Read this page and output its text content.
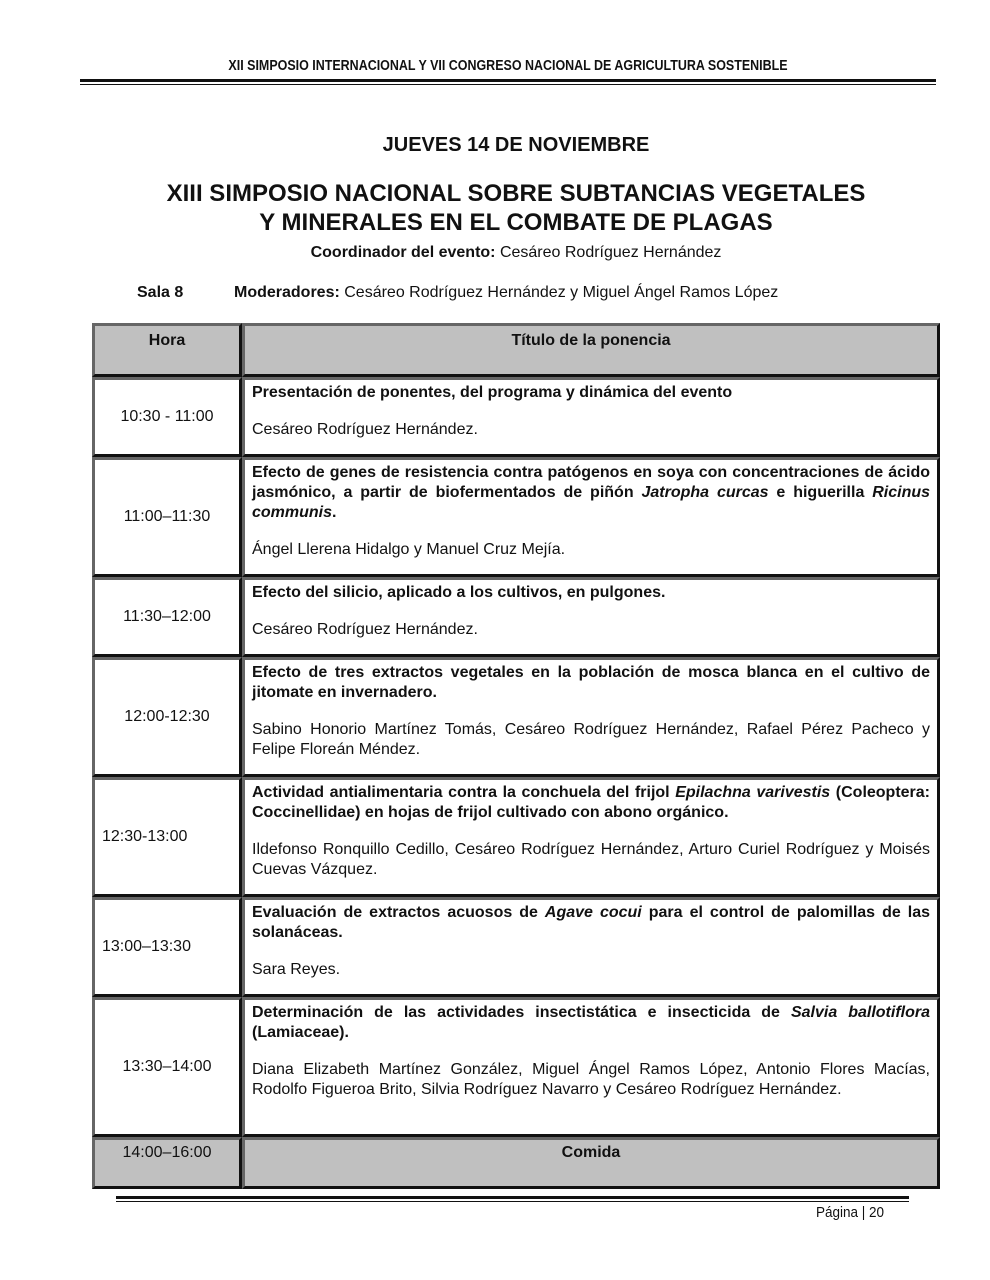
XII SIMPOSIO INTERNACIONAL Y VII CONGRESO NACIONAL DE AGRICULTURA SOSTENIBLE
JUEVES 14 DE NOVIEMBRE
XIII SIMPOSIO NACIONAL SOBRE SUBTANCIAS VEGETALES
Y MINERALES EN EL COMBATE DE PLAGAS
Coordinador del evento: Cesáreo Rodríguez Hernández
Sala 8	Moderadores: Cesáreo Rodríguez Hernández y Miguel Ángel Ramos López
Hora	Título de la ponencia
10:30 - 11:00	Presentación de ponentes, del programa y dinámica del evento
Cesáreo Rodríguez Hernández.

11:00–11:30	Efecto de genes de resistencia contra patógenos en soya con concentraciones de ácido jasmónico, a partir de biofermentados de piñón Jatropha curcas e higuerilla Ricinus communis.
Ángel Llerena Hidalgo y Manuel Cruz Mejía.

11:30–12:00	Efecto del silicio, aplicado a los cultivos, en pulgones.
Cesáreo Rodríguez Hernández.

12:00-12:30	Efecto de tres extractos vegetales en la población de mosca blanca en el cultivo de jitomate en invernadero.
Sabino Honorio Martínez Tomás, Cesáreo Rodríguez Hernández, Rafael Pérez Pacheco y Felipe Floreán Méndez.

12:30-13:00	Actividad antialimentaria contra la conchuela del frijol Epilachna varivestis (Coleoptera: Coccinellidae) en hojas de frijol cultivado con abono orgánico.
Ildefonso Ronquillo Cedillo, Cesáreo Rodríguez Hernández, Arturo Curiel Rodríguez y Moisés Cuevas Vázquez.

13:00–13:30	Evaluación de extractos acuosos de Agave cocui para el control de palomillas de las solanáceas.
Sara Reyes.

13:30–14:00	Determinación de las actividades insectistática e insecticida de Salvia ballotiflora (Lamiaceae).
Diana Elizabeth Martínez González, Miguel Ángel Ramos López, Antonio Flores Macías, Rodolfo Figueroa Brito, Silvia Rodríguez Navarro y Cesáreo Rodríguez Hernández.

14:00–16:00	Comida
Página | 20
